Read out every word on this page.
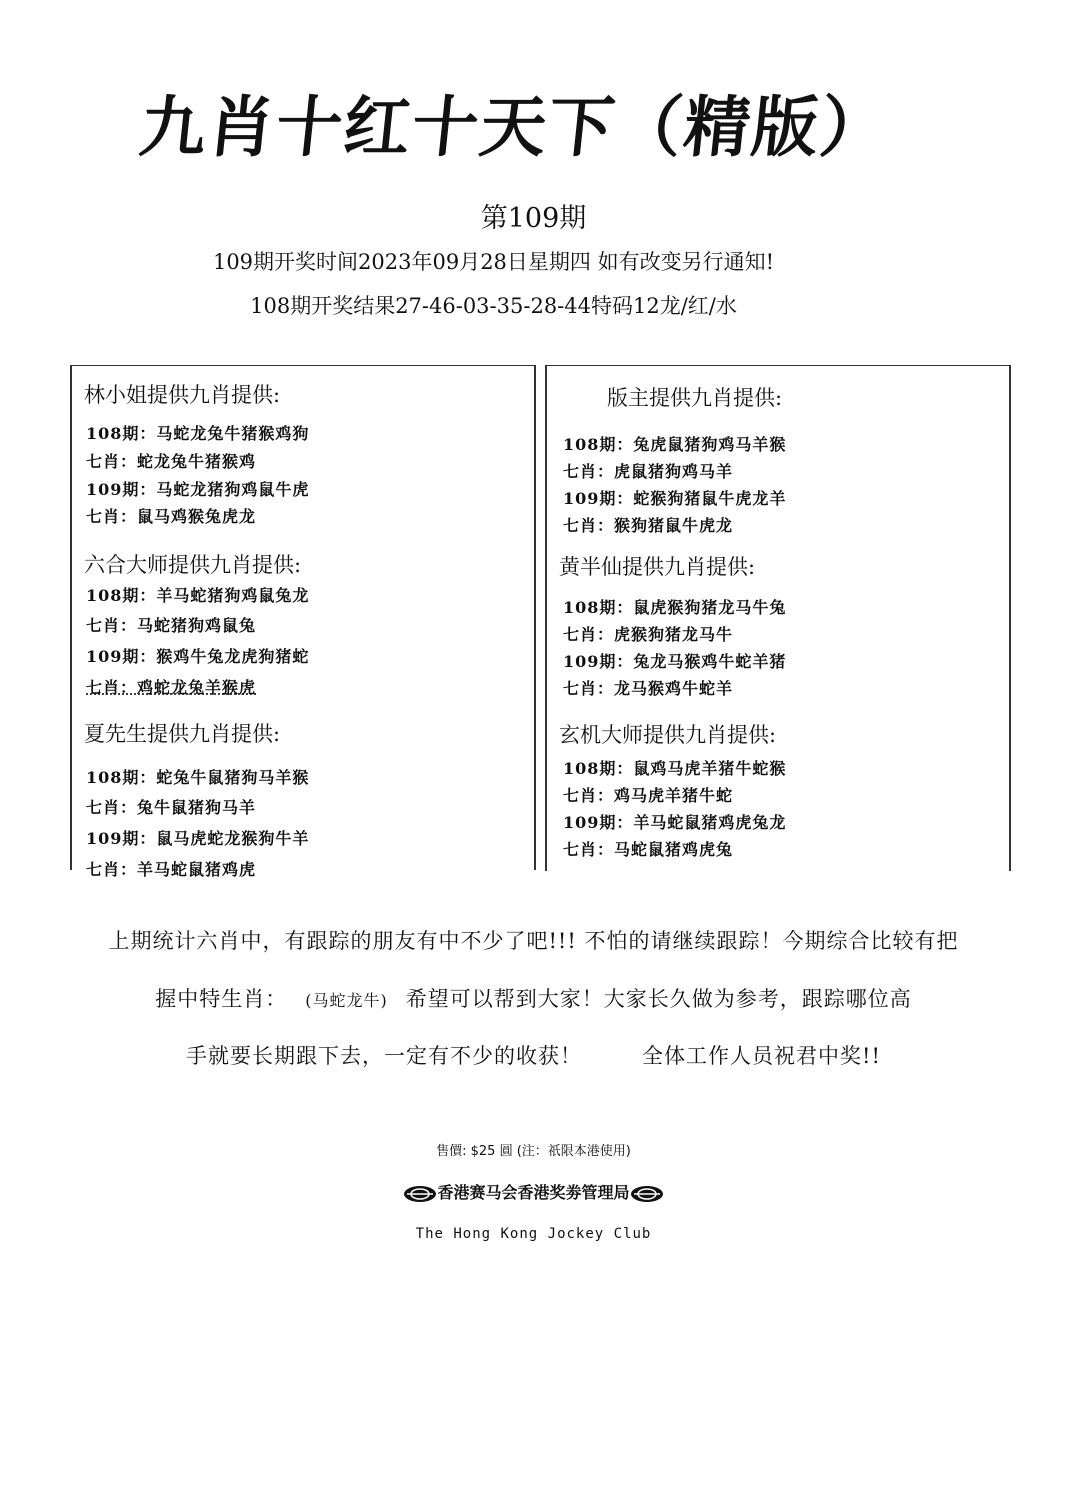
九肖十红十天下（精版）
第109期
109期开奖时间2023年09月28日星期四 如有改变另行通知!
108期开奖结果27-46-03-35-28-44特码12龙/红/水
林小姐提供九肖提供:
108期：马蛇龙兔牛猪猴鸡狗
七肖：蛇龙兔牛猪猴鸡
109期：马蛇龙猪狗鸡鼠牛虎
七肖：鼠马鸡猴兔虎龙
六合大师提供九肖提供:
108期：羊马蛇猪狗鸡鼠兔龙
七肖：马蛇猪狗鸡鼠兔
109期：猴鸡牛兔龙虎狗猪蛇
七肖：鸡蛇龙兔羊猴虎
夏先生提供九肖提供:
108期：蛇兔牛鼠猪狗马羊猴
七肖：兔牛鼠猪狗马羊
109期：鼠马虎蛇龙猴狗牛羊
七肖：羊马蛇鼠猪鸡虎
版主提供九肖提供:
108期：兔虎鼠猪狗鸡马羊猴
七肖：虎鼠猪狗鸡马羊
109期：蛇猴狗猪鼠牛虎龙羊
七肖：猴狗猪鼠牛虎龙
黄半仙提供九肖提供:
108期：鼠虎猴狗猪龙马牛兔
七肖：虎猴狗猪龙马牛
109期：兔龙马猴鸡牛蛇羊猪
七肖：龙马猴鸡牛蛇羊
玄机大师提供九肖提供:
108期：鼠鸡马虎羊猪牛蛇猴
七肖：鸡马虎羊猪牛蛇
109期：羊马蛇鼠猪鸡虎兔龙
七肖：马蛇鼠猪鸡虎兔
上期统计六肖中，有跟踪的朋友有中不少了吧!!! 不怕的请继续跟踪！今期综合比较有把
握中特生肖： (马蛇龙牛) 希望可以帮到大家！大家长久做为参考，跟踪哪位高
手就要长期跟下去，一定有不少的收获！	全体工作人员祝君中奖!!
售價: $25 圓 (注：祇限本港使用)
香港赛马会香港奖劵管理局
The Hong Kong Jockey Club
